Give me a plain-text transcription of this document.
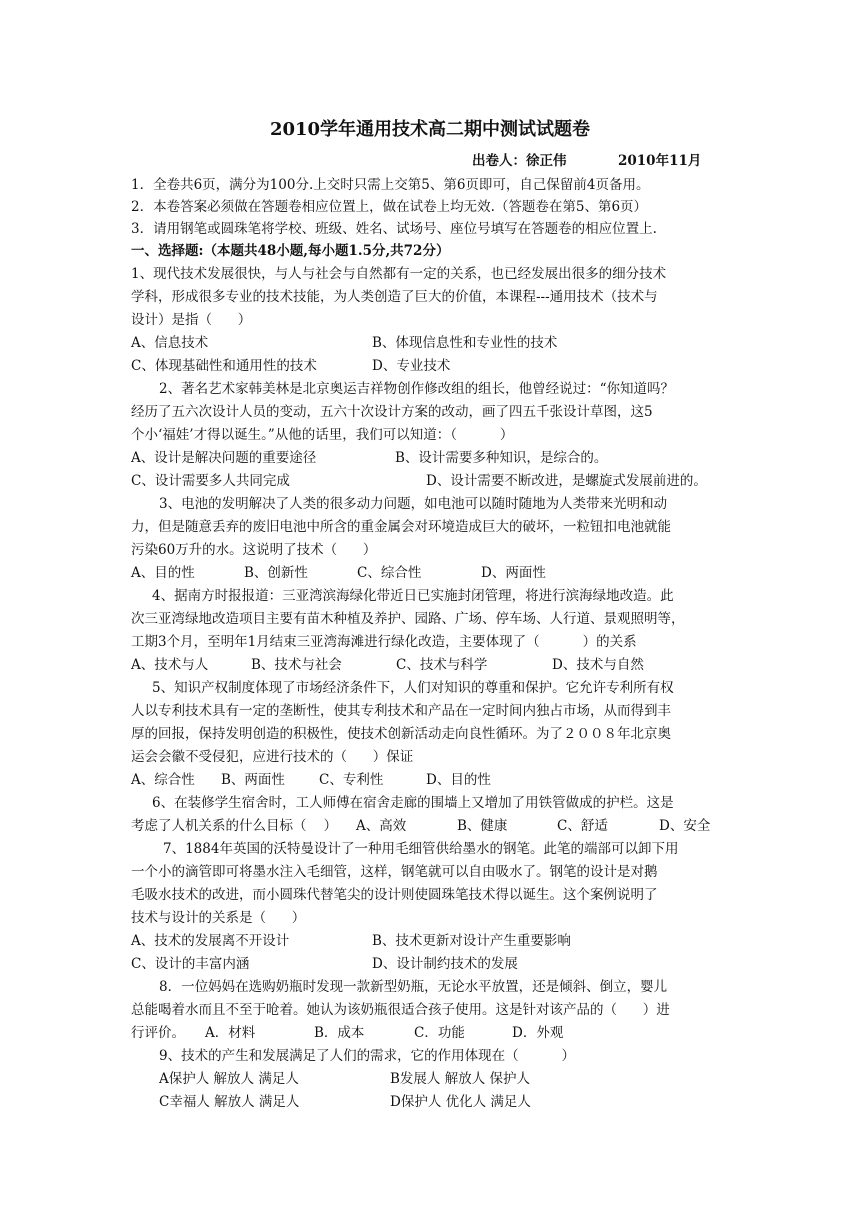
2010学年通用技术高二期中测试试题卷
出卷人：徐正伟	2010年11月
1．全卷共6页，满分为100分.上交时只需上交第5、第6页即可，自己保留前4页备用。
2．本卷答案必须做在答题卷相应位置上，做在试卷上均无效.（答题卷在第5、第6页）
3．请用钢笔或圆珠笔将学校、班级、姓名、试场号、座位号填写在答题卷的相应位置上.
一、选择题:（本题共48小题,每小题1.5分,共72分）
1、现代技术发展很快，与人与社会与自然都有一定的关系，也已经发展出很多的细分技术
学科，形成很多专业的技术技能，为人类创造了巨大的价值，本课程---通用技术（技术与
设计）是指（      ）
A、信息技术	B、体现信息性和专业性的技术
C、体现基础性和通用性的技术	D、专业技术
2、著名艺术家韩美林是北京奥运吉祥物创作修改组的组长，他曾经说过：“你知道吗？
经历了五六次设计人员的变动，五六十次设计方案的改动，画了四五千张设计草图，这5
个小‘福娃’才得以诞生。”从他的话里，我们可以知道：（          ）
A、设计是解决问题的重要途径	B、设计需要多种知识，是综合的。
C、设计需要多人共同完成	D、设计需要不断改进，是螺旋式发展前进的。
3、电池的发明解决了人类的很多动力问题，如电池可以随时随地为人类带来光明和动
力，但是随意丢弃的废旧电池中所含的重金属会对环境造成巨大的破坏，一粒钮扣电池就能
污染60万升的水。这说明了技术（      ）
A、目的性	B、创新性	C、综合性	D、两面性
4、据南方时报报道：三亚湾滨海绿化带近日已实施封闭管理，将进行滨海绿地改造。此
次三亚湾绿地改造项目主要有苗木种植及养护、园路、广场、停车场、人行道、景观照明等，
工期3个月，至明年1月结束三亚湾海滩进行绿化改造，主要体现了（          ）的关系
A、技术与人	B、技术与社会	C、技术与科学	D、技术与自然
5、知识产权制度体现了市场经济条件下，人们对知识的尊重和保护。它允许专利所有权
人以专利技术具有一定的垄断性，使其专利技术和产品在一定时间内独占市场，从而得到丰
厚的回报，保持发明创造的积极性，使技术创新活动走向良性循环。为了２００８年北京奥
运会会徽不受侵犯，应进行技术的（      ）保证
A、综合性 B、两面性	C、专利性	D、目的性
6、在装修学生宿舍时，工人师傅在宿舍走廊的围墙上又增加了用铁管做成的护栏。这是
考虑了人机关系的什么目标（    ） A、高效	B、健康	C、舒适	D、安全
7、1884年英国的沃特曼设计了一种用毛细管供给墨水的钢笔。此笔的端部可以卸下用
一个小的滴管即可将墨水注入毛细管，这样，钢笔就可以自由吸水了。钢笔的设计是对鹅
毛吸水技术的改进，而小圆珠代替笔尖的设计则使圆珠笔技术得以诞生。这个案例说明了
技术与设计的关系是（      ）
A、技术的发展离不开设计	B、技术更新对设计产生重要影响
C、设计的丰富内涵	D、设计制约技术的发展
8．一位妈妈在选购奶瓶时发现一款新型奶瓶，无论水平放置，还是倾斜、倒立，婴儿
总能喝着水而且不至于呛着。她认为该奶瓶很适合孩子使用。这是针对该产品的（      ）进
行评价。 A．材料	B．成本	C．功能	D．外观
9、技术的产生和发展满足了人们的需求，它的作用体现在（          ）
A保护人 解放人 满足人	B发展人 解放人 保护人
C幸福人 解放人 满足人	D保护人 优化人 满足人
